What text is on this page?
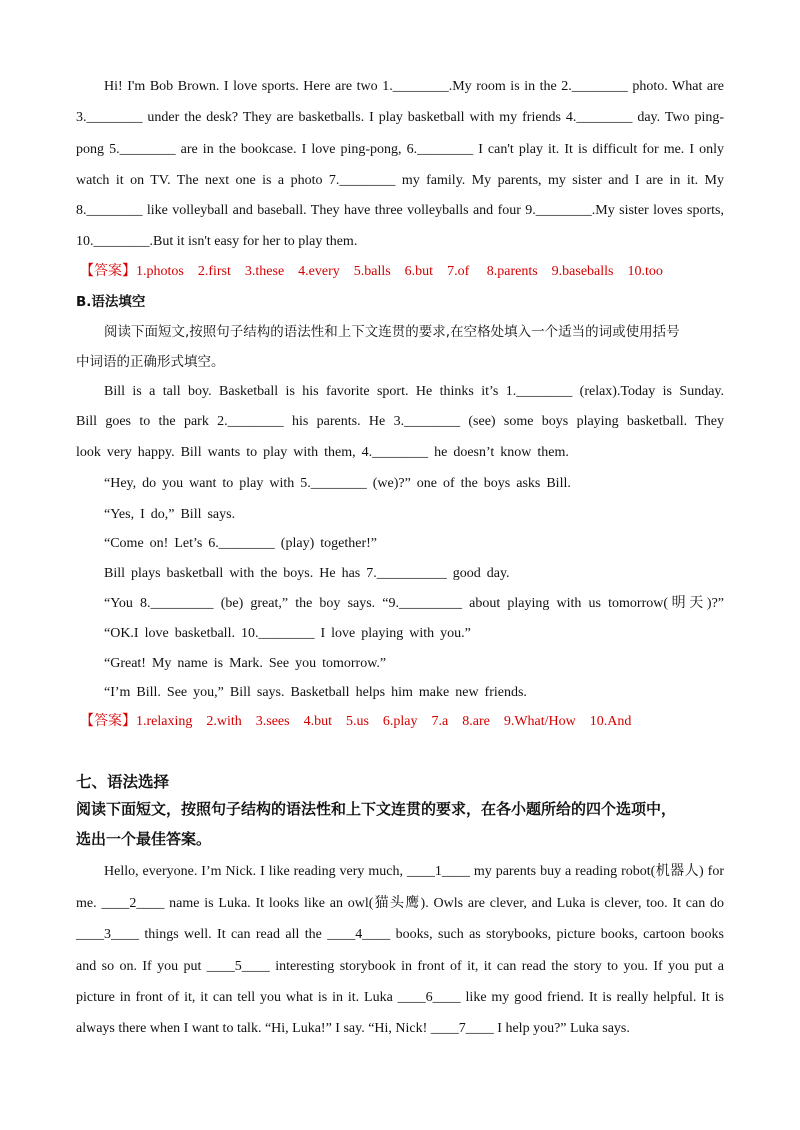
Hi! I'm Bob Brown. I love sports. Here are two 1.________.My room is in the 2.________ photo. What are

3.________ under the desk? They are basketballs. I play basketball with my friends 4.________ day. Two ping-

pong 5.________ are in the bookcase. I love ping-pong, 6.________ I can't play it. It is difficult for me. I only

watch it on TV. The next one is a photo 7.________ my family. My parents, my sister and I are in it. My

8.________ like volleyball and baseball. They have three volleyballs and four 9.________.My sister loves sports,

10.________.But it isn't easy for her to play them.

【答案】1.photos    2.first    3.these    4.every    5.balls    6.but    7.of     8.parents    9.baseballs    10.too

B.语法填空

阅读下面短文,按照句子结构的语法性和上下文连贯的要求,在空格处填入一个适当的词或使用括号

中词语的正确形式填空。

Bill is a tall boy. Basketball is his favorite sport. He thinks it’s 1.________ (relax).Today is Sunday.

Bill goes to the park 2.________ his parents. He 3.________ (see) some boys playing basketball. They

look very happy. Bill wants to play with them, 4.________ he doesn’t know them.

“Hey, do you want to play with 5.________ (we)?” one of the boys asks Bill.

“Yes, I do,” Bill says.

“Come on! Let’s 6.________ (play) together!”

Bill plays basketball with the boys. He has 7.__________ good day.

“You 8._________ (be) great,” the boy says. “9._________ about playing with us tomorrow(明天)?”

“OK.I love basketball. 10.________ I love playing with you.”

“Great! My name is Mark. See you tomorrow.”

“I’m Bill. See you,” Bill says. Basketball helps him make new friends.

【答案】1.relaxing    2.with    3.sees    4.but    5.us    6.play    7.a    8.are    9.What/How    10.And

七、语法选择

阅读下面短文，按照句子结构的语法性和上下文连贯的要求，在各小题所给的四个选项中，

选出一个最佳答案。

Hello, everyone. I’m Nick. I like reading very much, ____1____ my parents buy a reading robot(机器人) for

me. ____2____ name is Luka. It looks like an owl(猫头鹰). Owls are clever, and Luka is clever, too. It can do

____3____ things well. It can read all the ____4____ books, such as storybooks, picture books, cartoon books

and so on. If you put ____5____ interesting storybook in front of it, it can read the story to you. If you put a

picture in front of it, it can tell you what is in it. Luka ____6____ like my good friend. It is really helpful. It is

always there when I want to talk. “Hi, Luka!” I say. “Hi, Nick! ____7____ I help you?” Luka says.
